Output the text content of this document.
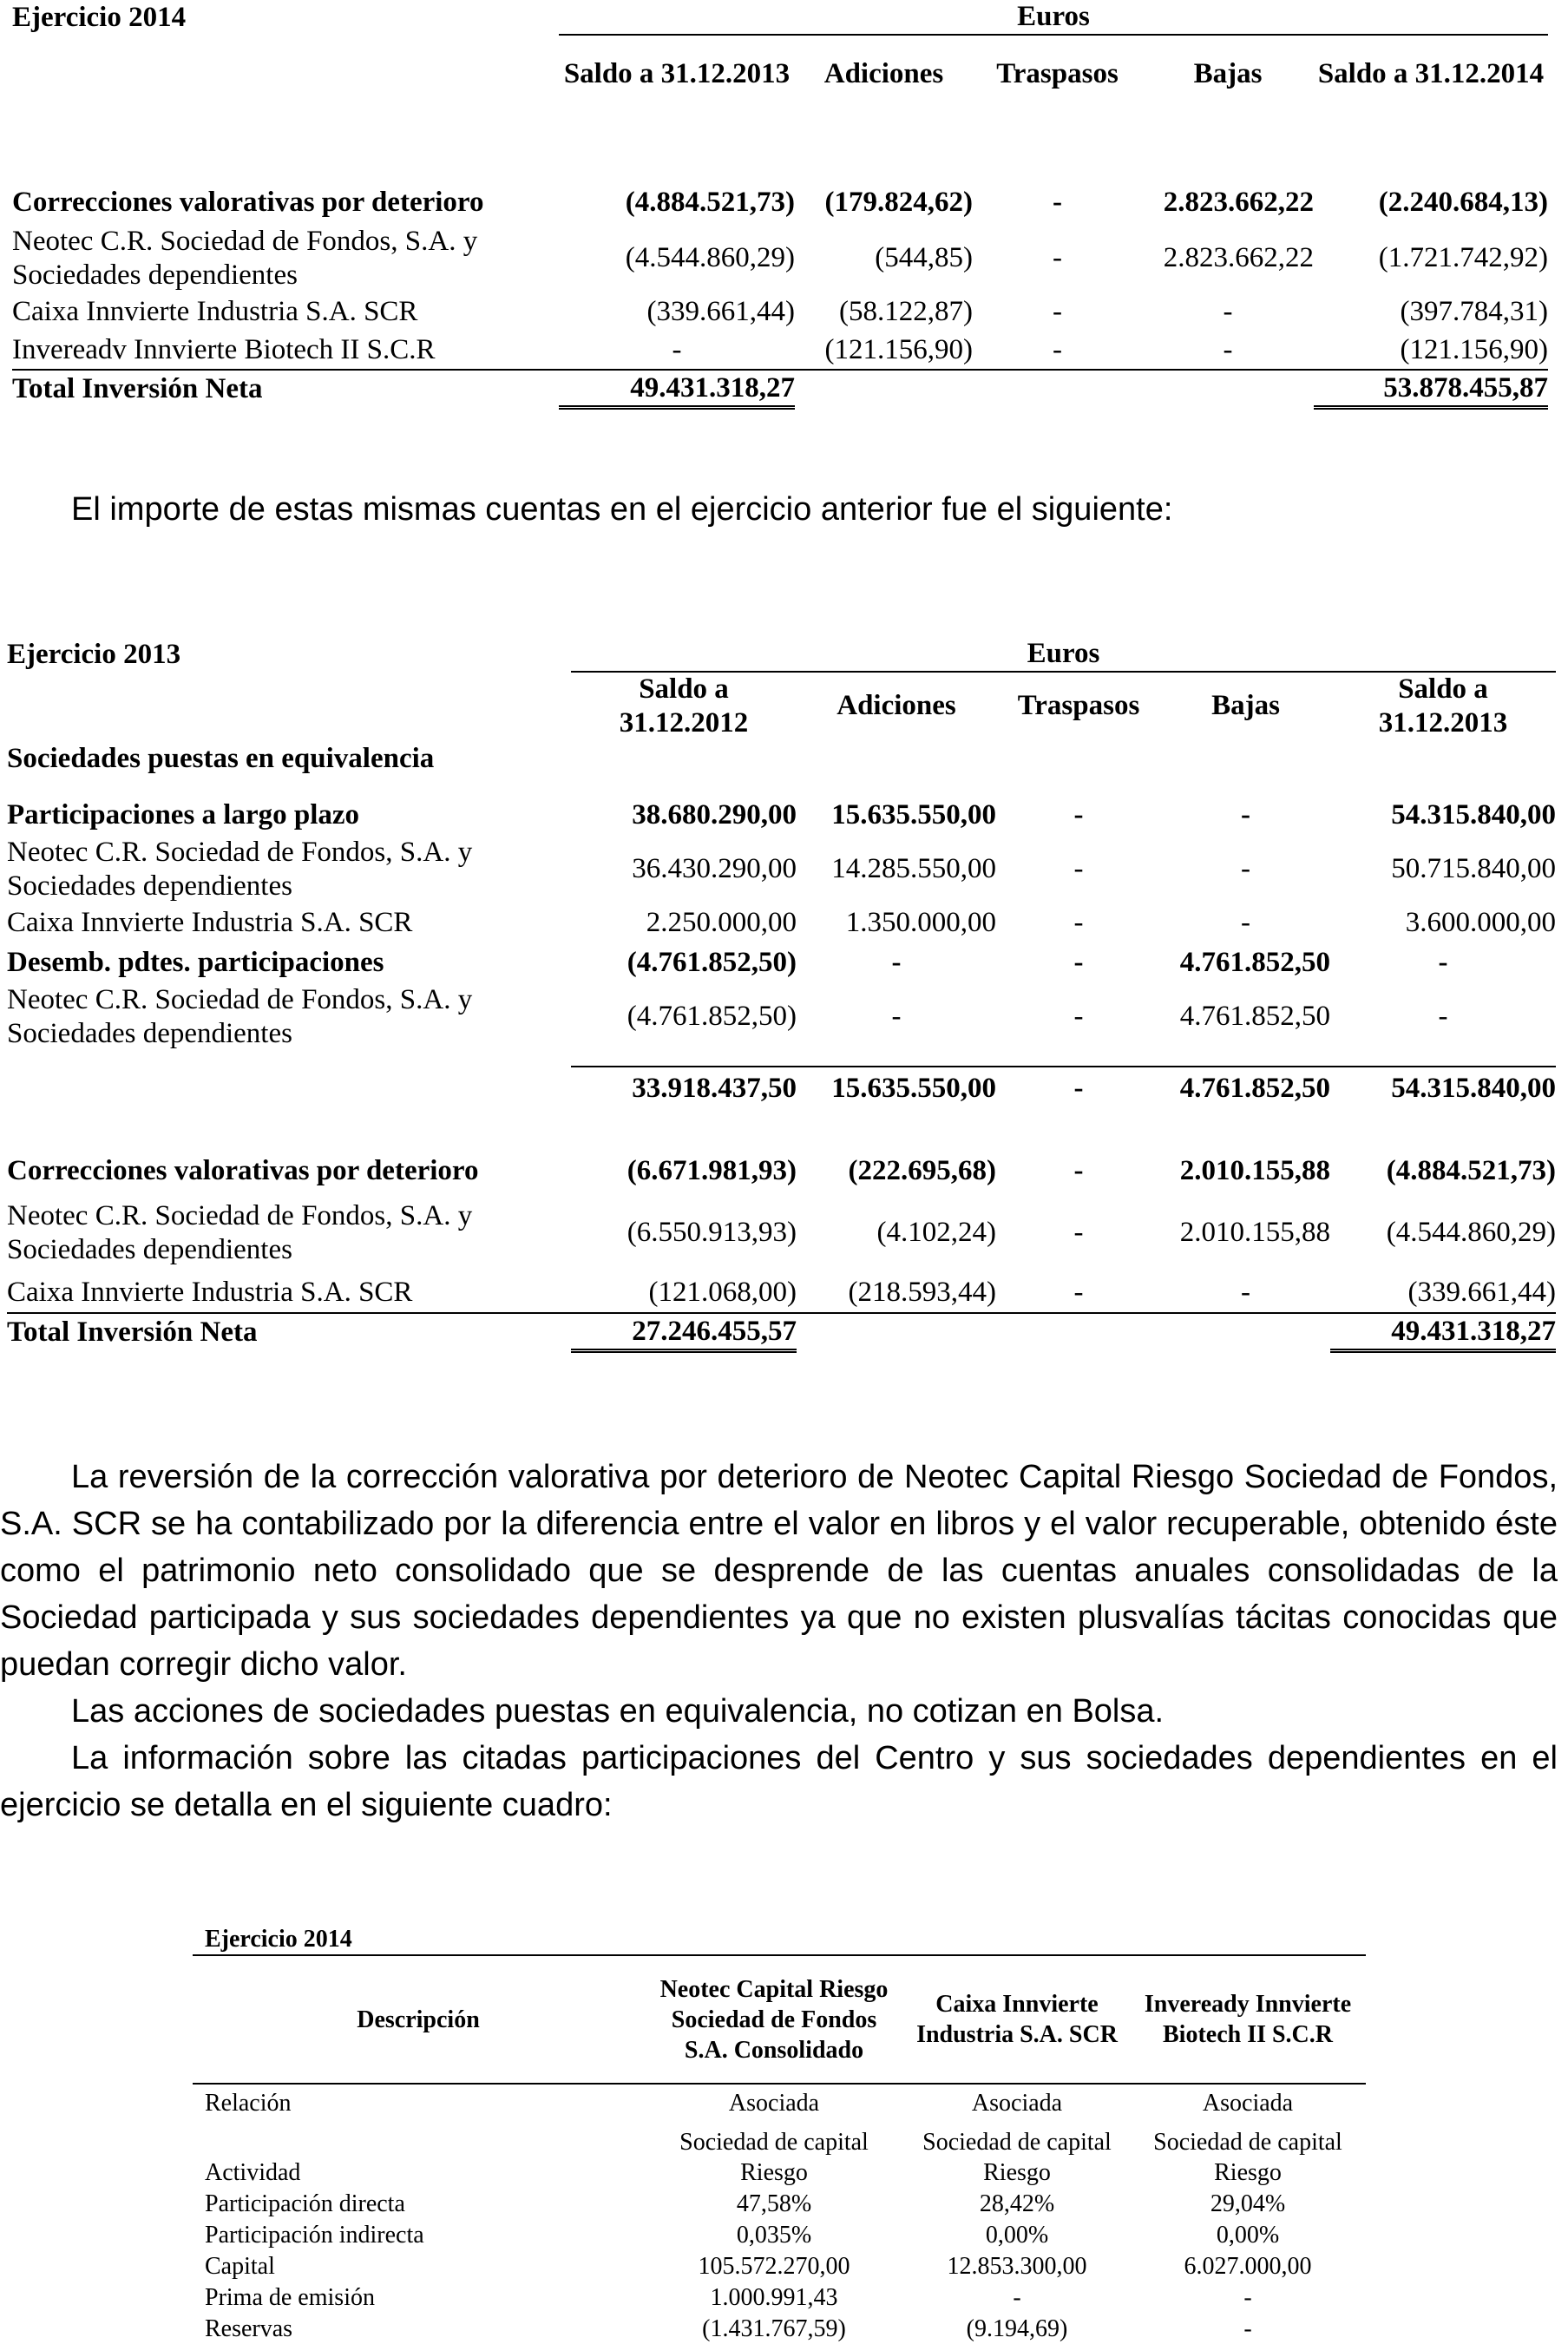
Ejercicio 2014	Euros				
	Saldo a 31.12.2013	Adiciones	Traspasos	Bajas	Saldo a 31.12.2014

Correcciones valorativas por deterioro	(4.884.521,73)	(179.824,62)	-	2.823.662,22	(2.240.684,13)
Neotec C.R. Sociedad de Fondos, S.A. y Sociedades dependientes	(4.544.860,29)	(544,85)	-	2.823.662,22	(1.721.742,92)
Caixa Innvierte Industria S.A. SCR	(339.661,44)	(58.122,87)	-	-	(397.784,31)
Invereadv Innvierte Biotech II S.C.R	-	(121.156,90)	-	-	(121.156,90)
Total Inversión Neta	49.431.318,27				53.878.455,87

El importe de estas mismas cuentas en el ejercicio anterior fue el siguiente:

Ejercicio 2013	Euros				
	Saldo a 31.12.2012	Adiciones	Traspasos	Bajas	Saldo a 31.12.2013
Sociedades puestas en equivalencia					

Participaciones a largo plazo	38.680.290,00	15.635.550,00	-	-	54.315.840,00
Neotec C.R. Sociedad de Fondos, S.A. y Sociedades dependientes	36.430.290,00	14.285.550,00	-	-	50.715.840,00
Caixa Innvierte Industria S.A. SCR	2.250.000,00	1.350.000,00	-	-	3.600.000,00
Desemb. pdtes. participaciones	(4.761.852,50)	-	-	4.761.852,50	-
Neotec C.R. Sociedad de Fondos, S.A. y Sociedades dependientes	(4.761.852,50)	-	-	4.761.852,50	-

	33.918.437,50	15.635.550,00	-	4.761.852,50	54.315.840,00

Correcciones valorativas por deterioro	(6.671.981,93)	(222.695,68)	-	2.010.155,88	(4.884.521,73)
Neotec C.R. Sociedad de Fondos, S.A. y Sociedades dependientes	(6.550.913,93)	(4.102,24)	-	2.010.155,88	(4.544.860,29)
Caixa Innvierte Industria S.A. SCR	(121.068,00)	(218.593,44)	-	-	(339.661,44)
Total Inversión Neta	27.246.455,57				49.431.318,27

La reversión de la corrección valorativa por deterioro de Neotec Capital Riesgo Sociedad de Fondos, S.A. SCR se ha contabilizado por la diferencia entre el valor en libros y el valor recuperable, obtenido éste como el patrimonio neto consolidado que se desprende de las cuentas anuales consolidadas de la Sociedad participada y sus sociedades dependientes ya que no existen plusvalías tácitas conocidas que puedan corregir dicho valor.

Las acciones de sociedades puestas en equivalencia, no cotizan en Bolsa.

La información sobre las citadas participaciones del Centro y sus sociedades dependientes en el ejercicio se detalla en el siguiente cuadro:

Ejercicio 2014			
Descripción	Neotec Capital Riesgo Sociedad de Fondos S.A. Consolidado	Caixa Innvierte Industria S.A. SCR	Inveready Innvierte Biotech II S.C.R
Relación	Asociada	Asociada	Asociada
Actividad	Sociedad de capital Riesgo	Sociedad de capital Riesgo	Sociedad de capital Riesgo
Participación directa	47,58%	28,42%	29,04%
Participación indirecta	0,035%	0,00%	0,00%
Capital	105.572.270,00	12.853.300,00	6.027.000,00
Prima de emisión	1.000.991,43	-	-
Reservas	(1.431.767,59)	(9.194,69)	-
